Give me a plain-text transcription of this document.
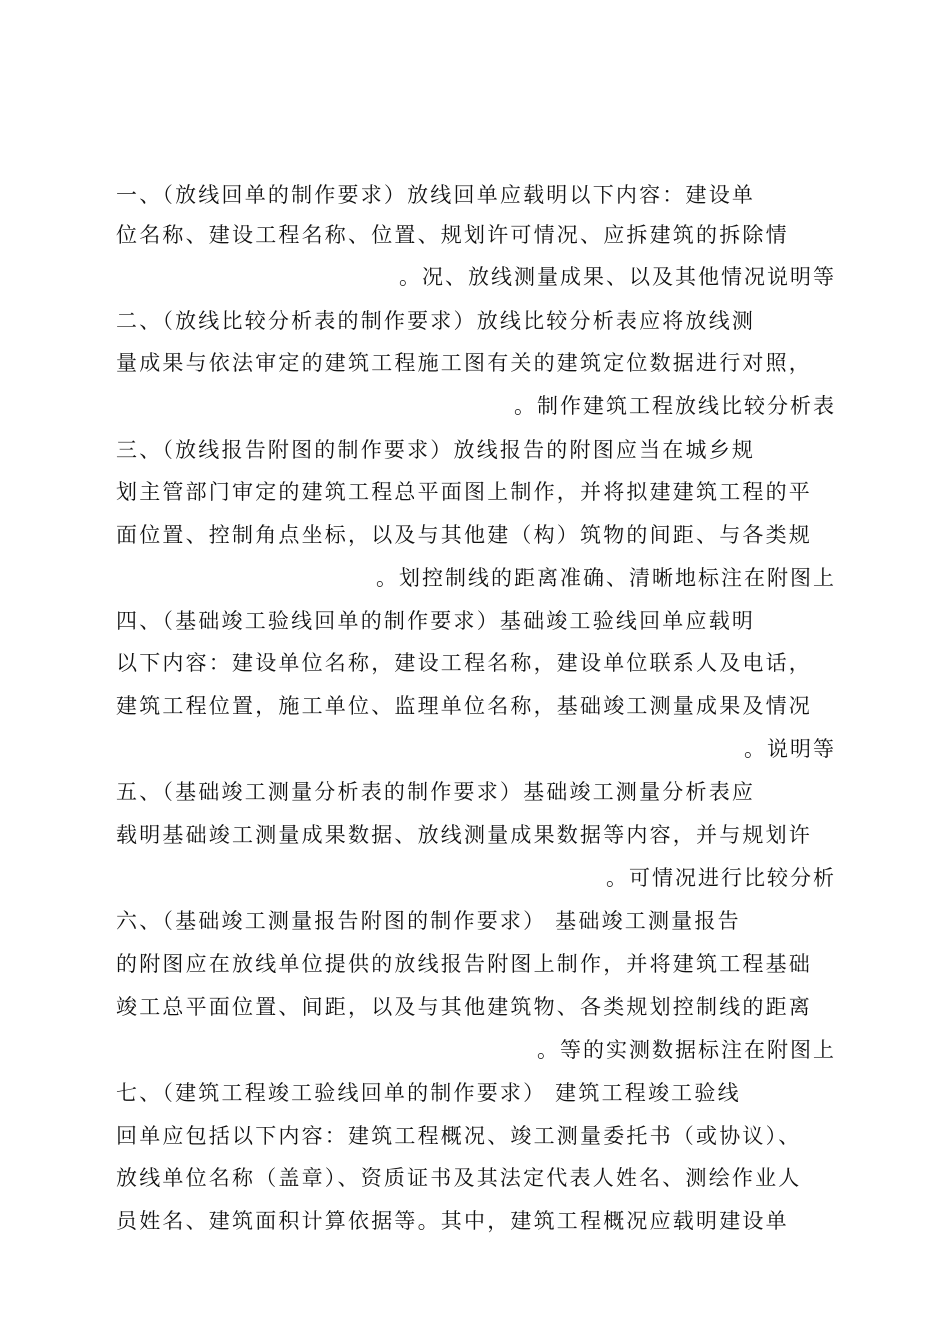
一、（放线回单的制作要求）放线回单应载明以下内容：建设单
位名称、建设工程名称、位置、规划许可情况、应拆建筑的拆除情
。况、放线测量成果、以及其他情况说明等
二、（放线比较分析表的制作要求）放线比较分析表应将放线测
量成果与依法审定的建筑工程施工图有关的建筑定位数据进行对照，
。制作建筑工程放线比较分析表
三、（放线报告附图的制作要求）放线报告的附图应当在城乡规
划主管部门审定的建筑工程总平面图上制作，并将拟建建筑工程的平
面位置、控制角点坐标，以及与其他建（构）筑物的间距、与各类规
。划控制线的距离准确、清晰地标注在附图上
四、（基础竣工验线回单的制作要求）基础竣工验线回单应载明
以下内容：建设单位名称，建设工程名称，建设单位联系人及电话，
建筑工程位置，施工单位、监理单位名称，基础竣工测量成果及情况
。说明等
五、（基础竣工测量分析表的制作要求）基础竣工测量分析表应
载明基础竣工测量成果数据、放线测量成果数据等内容，并与规划许
。可情况进行比较分析
六、（基础竣工测量报告附图的制作要求） 基础竣工测量报告
的附图应在放线单位提供的放线报告附图上制作，并将建筑工程基础
竣工总平面位置、间距，以及与其他建筑物、各类规划控制线的距离
。等的实测数据标注在附图上
七、（建筑工程竣工验线回单的制作要求） 建筑工程竣工验线
回单应包括以下内容：建筑工程概况、竣工测量委托书（或协议）、
放线单位名称（盖章）、资质证书及其法定代表人姓名、测绘作业人
员姓名、建筑面积计算依据等。其中，建筑工程概况应载明建设单
